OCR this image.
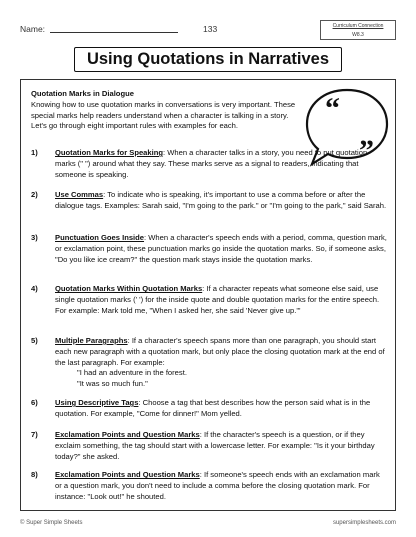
Name:	133	Curriculum Connection
W8.3
Using Quotations in Narratives
“
”
Quotation Marks in Dialogue
Knowing how to use quotation marks in conversations is very important. These special marks help readers understand when a character is talking in a story. Let's go through eight important rules with examples for each.
1) Quotation Marks for Speaking: When a character talks in a story, you need to put quotation marks (" ") around what they say. These marks serve as a signal to readers, indicating that someone is speaking.
2) Use Commas: To indicate who is speaking, it's important to use a comma before or after the dialogue tags. Examples: Sarah said, "I'm going to the park." or "I'm going to the park," said Sarah.
3) Punctuation Goes Inside: When a character's speech ends with a period, comma, question mark, or exclamation point, these punctuation marks go inside the quotation marks. So, if someone asks, "Do you like ice cream?" the question mark stays inside the quotation marks.
4) Quotation Marks Within Quotation Marks: If a character repeats what someone else said, use single quotation marks (' ') for the inside quote and double quotation marks for the entire speech. For example: Mark told me, "When I asked her, she said 'Never give up.'"
5) Multiple Paragraphs: If a character's speech spans more than one paragraph, you should start each new paragraph with a quotation mark, but only place the closing quotation mark at the end of the last paragraph. For example:
"I had an adventure in the forest.
"It was so much fun."
6) Using Descriptive Tags: Choose a tag that best describes how the person said what is in the quotation. For example, "Come for dinner!" Mom yelled.
7) Exclamation Points and Question Marks: If the character's speech is a question, or if they exclaim something, the tag should start with a lowercase letter. For example: "Is it your birthday today?" she asked.
8) Exclamation Points and Question Marks: If someone's speech ends with an exclamation mark or a question mark, you don't need to include a comma before the closing quotation mark. For instance: "Look out!" he shouted.
© Super Simple Sheets	supersimplesheets.com
